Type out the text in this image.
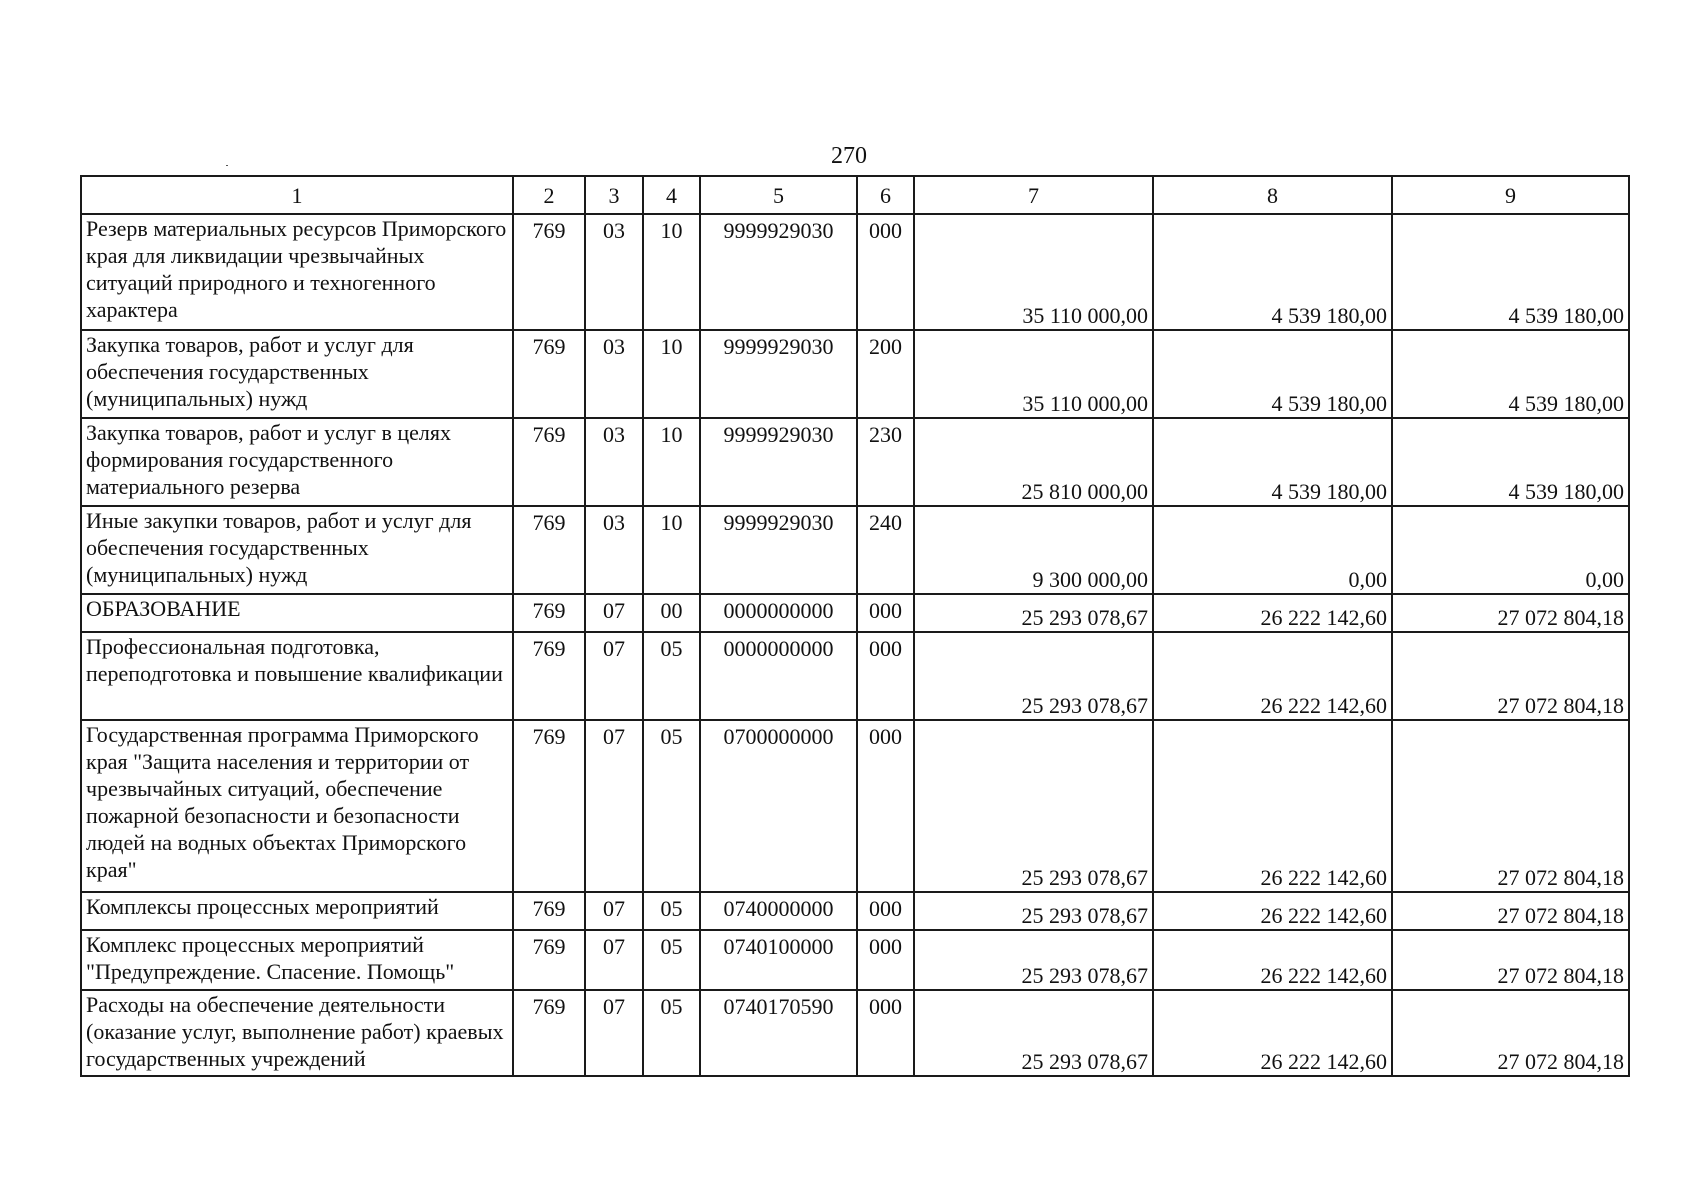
270
1	2	3	4	5	6	7	8	9
Резерв материальных ресурсов Приморского края для ликвидации чрезвычайных ситуаций природного и техногенного характера	769	03	10	9999929030	000	35 110 000,00	4 539 180,00	4 539 180,00
Закупка товаров, работ и услуг для обеспечения государственных (муниципальных) нужд	769	03	10	9999929030	200	35 110 000,00	4 539 180,00	4 539 180,00
Закупка товаров, работ и услуг в целях формирования государственного материального резерва	769	03	10	9999929030	230	25 810 000,00	4 539 180,00	4 539 180,00
Иные закупки товаров, работ и услуг для обеспечения государственных (муниципальных) нужд	769	03	10	9999929030	240	9 300 000,00	0,00	0,00
ОБРАЗОВАНИЕ	769	07	00	0000000000	000	25 293 078,67	26 222 142,60	27 072 804,18
Профессиональная подготовка, переподготовка и повышение квалификации	769	07	05	0000000000	000	25 293 078,67	26 222 142,60	27 072 804,18
Государственная программа Приморского края "Защита населения и территории от чрезвычайных ситуаций, обеспечение пожарной безопасности и безопасности людей на водных объектах Приморского края"	769	07	05	0700000000	000	25 293 078,67	26 222 142,60	27 072 804,18
Комплексы процессных мероприятий	769	07	05	0740000000	000	25 293 078,67	26 222 142,60	27 072 804,18
Комплекс процессных мероприятий "Предупреждение. Спасение. Помощь"	769	07	05	0740100000	000	25 293 078,67	26 222 142,60	27 072 804,18
Расходы на обеспечение деятельности (оказание услуг, выполнение работ) краевых государственных учреждений	769	07	05	0740170590	000	25 293 078,67	26 222 142,60	27 072 804,18
